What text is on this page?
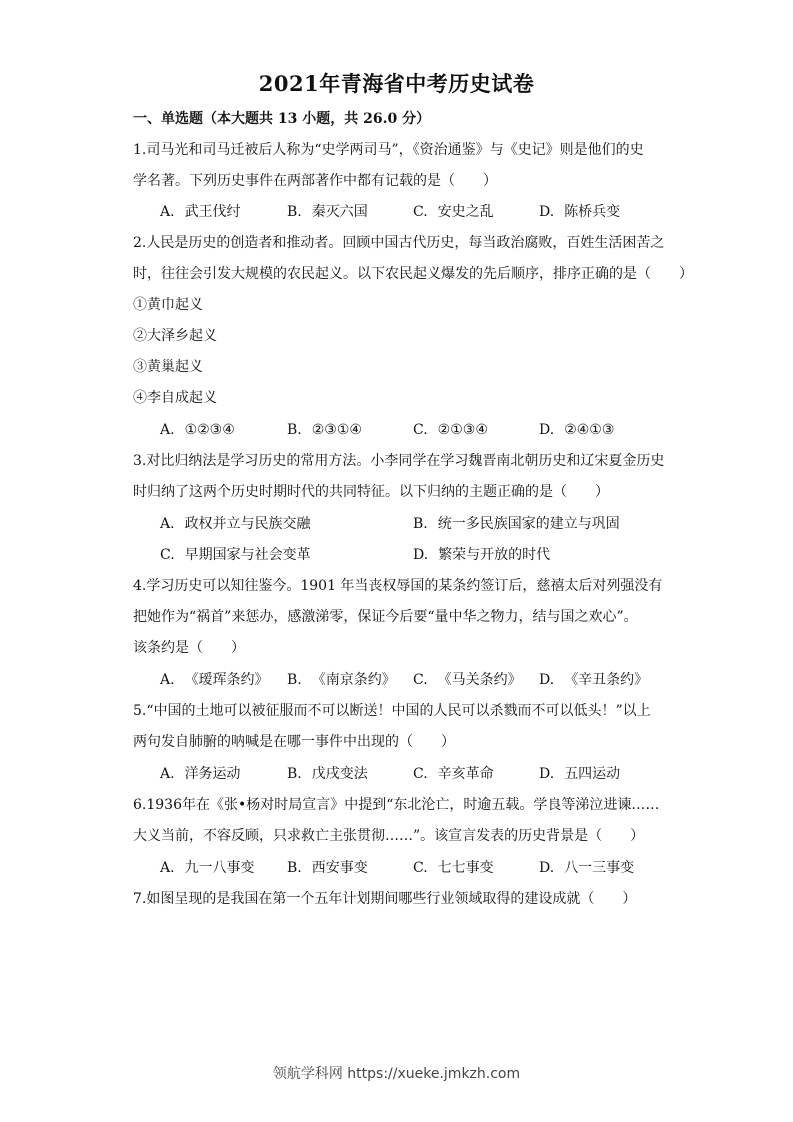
2021年青海省中考历史试卷
一、单选题（本大题共 13 小题，共 26.0 分）
1.司马光和司马迁被后人称为“史学两司马”，《资治通鉴》与《史记》则是他们的史
学名著。下列历史事件在两部著作中都有记载的是（　　）
A. 武王伐纣	B. 秦灭六国	C. 安史之乱	D. 陈桥兵变
2.人民是历史的创造者和推动者。回顾中国古代历史，每当政治腐败，百姓生活困苦之
时，往往会引发大规模的农民起义。以下农民起义爆发的先后顺序，排序正确的是（　　）
①黄巾起义
②大泽乡起义
③黄巢起义
④李自成起义
A. ①②③④	B. ②③①④	C. ②①③④	D. ②④①③
3.对比归纳法是学习历史的常用方法。小李同学在学习魏晋南北朝历史和辽宋夏金历史
时归纳了这两个历史时期时代的共同特征。以下归纳的主题正确的是（　　）
A. 政权并立与民族交融	B. 统一多民族国家的建立与巩固
C. 早期国家与社会变革	D. 繁荣与开放的时代
4.学习历史可以知往鉴今。1901 年当丧权辱国的某条约签订后，慈禧太后对列强没有
把她作为“祸首”来惩办，感激涕零，保证今后要“量中华之物力，结与国之欢心”。
该条约是（　　）
A. 《瑷珲条约》 B. 《南京条约》 C. 《马关条约》 D. 《辛丑条约》
5.“中国的土地可以被征服而不可以断送！中国的人民可以杀戮而不可以低头！”以上
两句发自肺腑的呐喊是在哪一事件中出现的（　　）
A. 洋务运动	B. 戊戌变法	C. 辛亥革命	D. 五四运动
6.1936年在《张•杨对时局宣言》中提到“东北沦亡，时逾五载。学良等涕泣进谏……
大义当前，不容反顾，只求救亡主张贯彻……”。该宣言发表的历史背景是（　　）
A. 九一八事变 B. 西安事变	C. 七七事变	D. 八一三事变
7.如图呈现的是我国在第一个五年计划期间哪些行业领域取得的建设成就（　　）
领航学科网 https://xueke.jmkzh.com
